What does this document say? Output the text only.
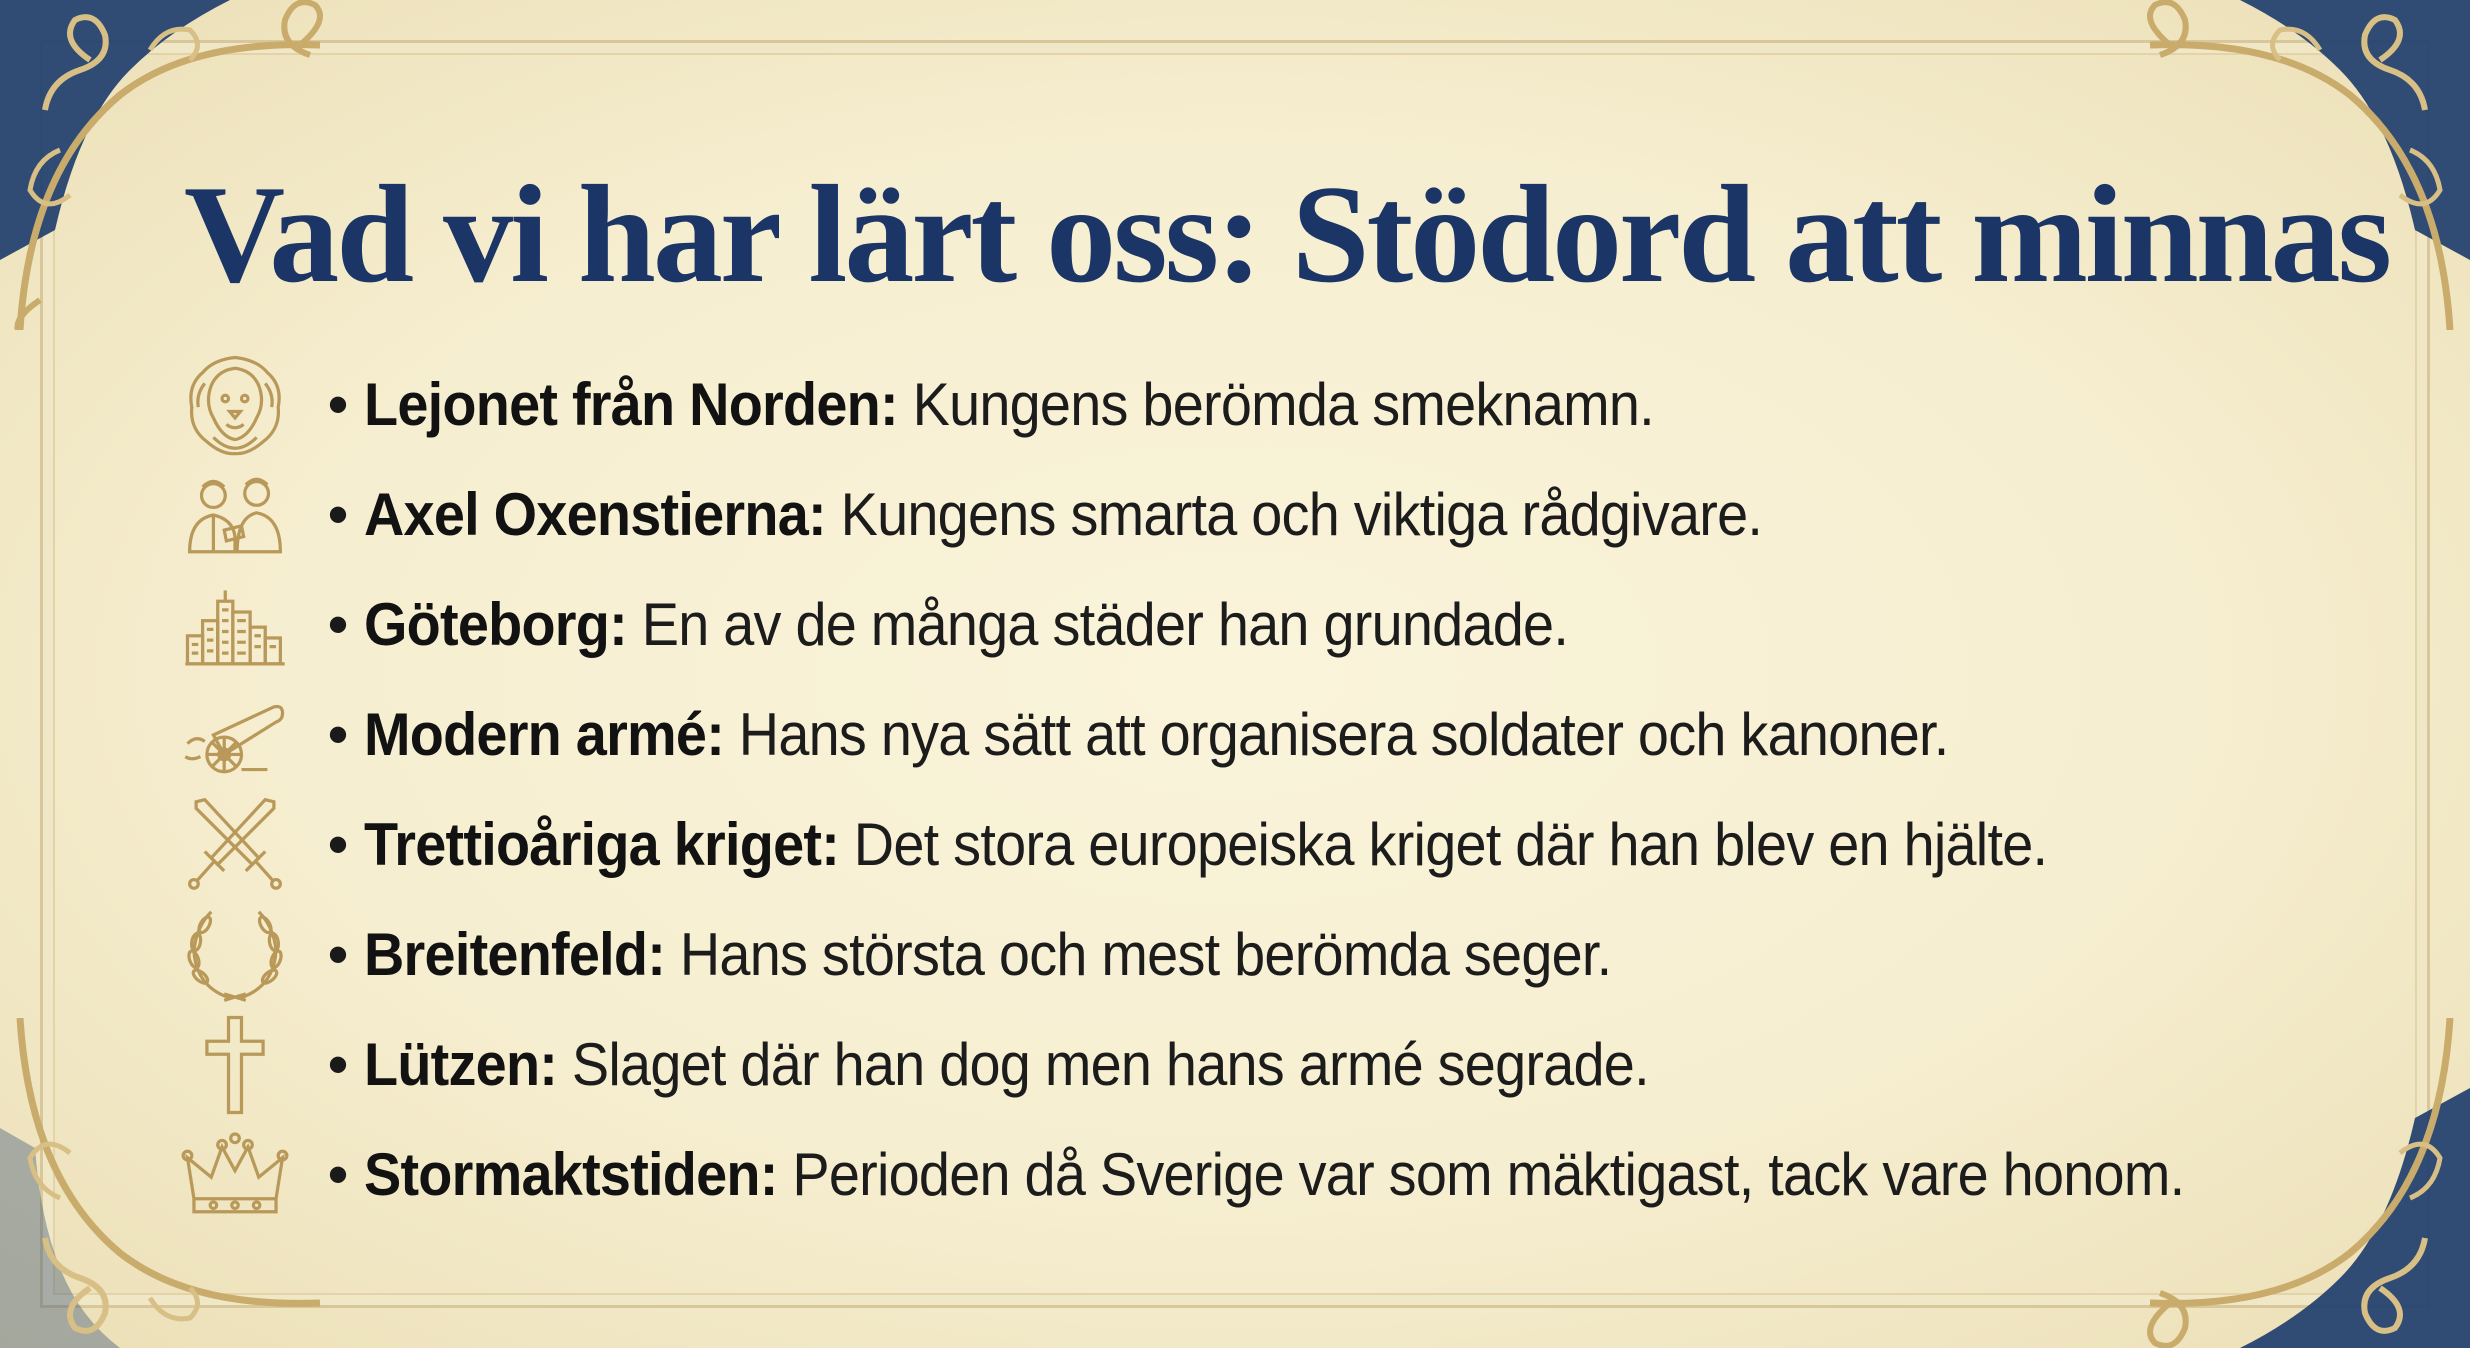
Vad vi har lärt oss: Stödord att minnas
• Lejonet från Norden: Kungens berömda smeknamn.
• Axel Oxenstierna: Kungens smarta och viktiga rådgivare.
• Göteborg: En av de många städer han grundade.
• Modern armé: Hans nya sätt att organisera soldater och kanoner.
• Trettioåriga kriget: Det stora europeiska kriget där han blev en hjälte.
• Breitenfeld: Hans största och mest berömda seger.
• Lützen: Slaget där han dog men hans armé segrade.
• Stormaktstiden: Perioden då Sverige var som mäktigast, tack vare honom.
